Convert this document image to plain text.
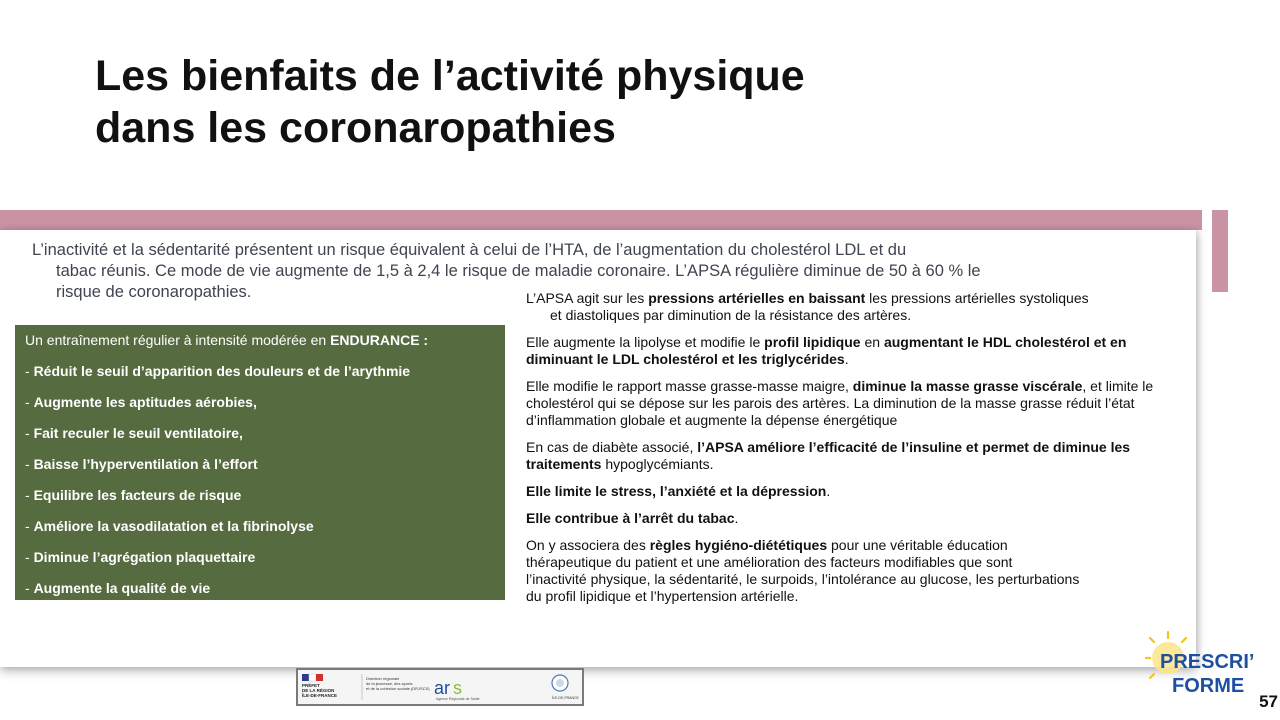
Les bienfaits de l’activité physique
dans les coronaropathies
L’inactivité et la sédentarité présentent un risque équivalent à celui de l’HTA, de l’augmentation du cholestérol LDL et du
tabac réunis. Ce mode de vie augmente de 1,5 à 2,4 le risque de maladie coronaire. L’APSA régulière diminue de 50 à 60 % le
risque de coronaropathies.
Un entraînement régulier à intensité modérée en ENDURANCE :
- Réduit le seuil d’apparition des douleurs et de l’arythmie
- Augmente les aptitudes aérobies,
- Fait reculer le seuil ventilatoire,
- Baisse l’hyperventilation à l’effort
- Equilibre les facteurs de risque
- Améliore la vasodilatation et la fibrinolyse
- Diminue l’agrégation plaquettaire
- Augmente la qualité de vie

L’APSA agit sur les pressions artérielles en baissant les pressions artérielles systoliques
et diastoliques par diminution de la résistance des artères.

Elle augmente la lipolyse et modifie le profil lipidique en augmentant le HDL cholestérol et en diminuant le LDL cholestérol et les triglycérides.

Elle modifie le rapport masse grasse-masse maigre, diminue la masse grasse viscérale, et limite le cholestérol qui se dépose sur les parois des artères. La diminution de la masse grasse réduit l’état d’inflammation globale et augmente la dépense énergétique

En cas de diabète associé, l’APSA améliore l’efficacité de l’insuline et permet de diminue les traitements hypoglycémiants.

Elle limite le stress, l’anxiété et la dépression.

Elle contribue à l’arrêt du tabac.

On y associera des règles hygiéno-diététiques pour une véritable éducation
thérapeutique du patient et une amélioration des facteurs modifiables que sont
l’inactivité physique, la sédentarité, le surpoids, l’intolérance au glucose, les perturbations
du profil lipidique et l’hypertension artérielle.

PRÉFET
DE LA RÉGION
ÎLE-DE-FRANCE
Direction régionale
de la jeunesse, des sports
et de la cohésion sociale (DRJSCS) ar s
Agence Régionale de Santé	ÎLE-DE-FRANCE
PRESCRI’
FORME
57
